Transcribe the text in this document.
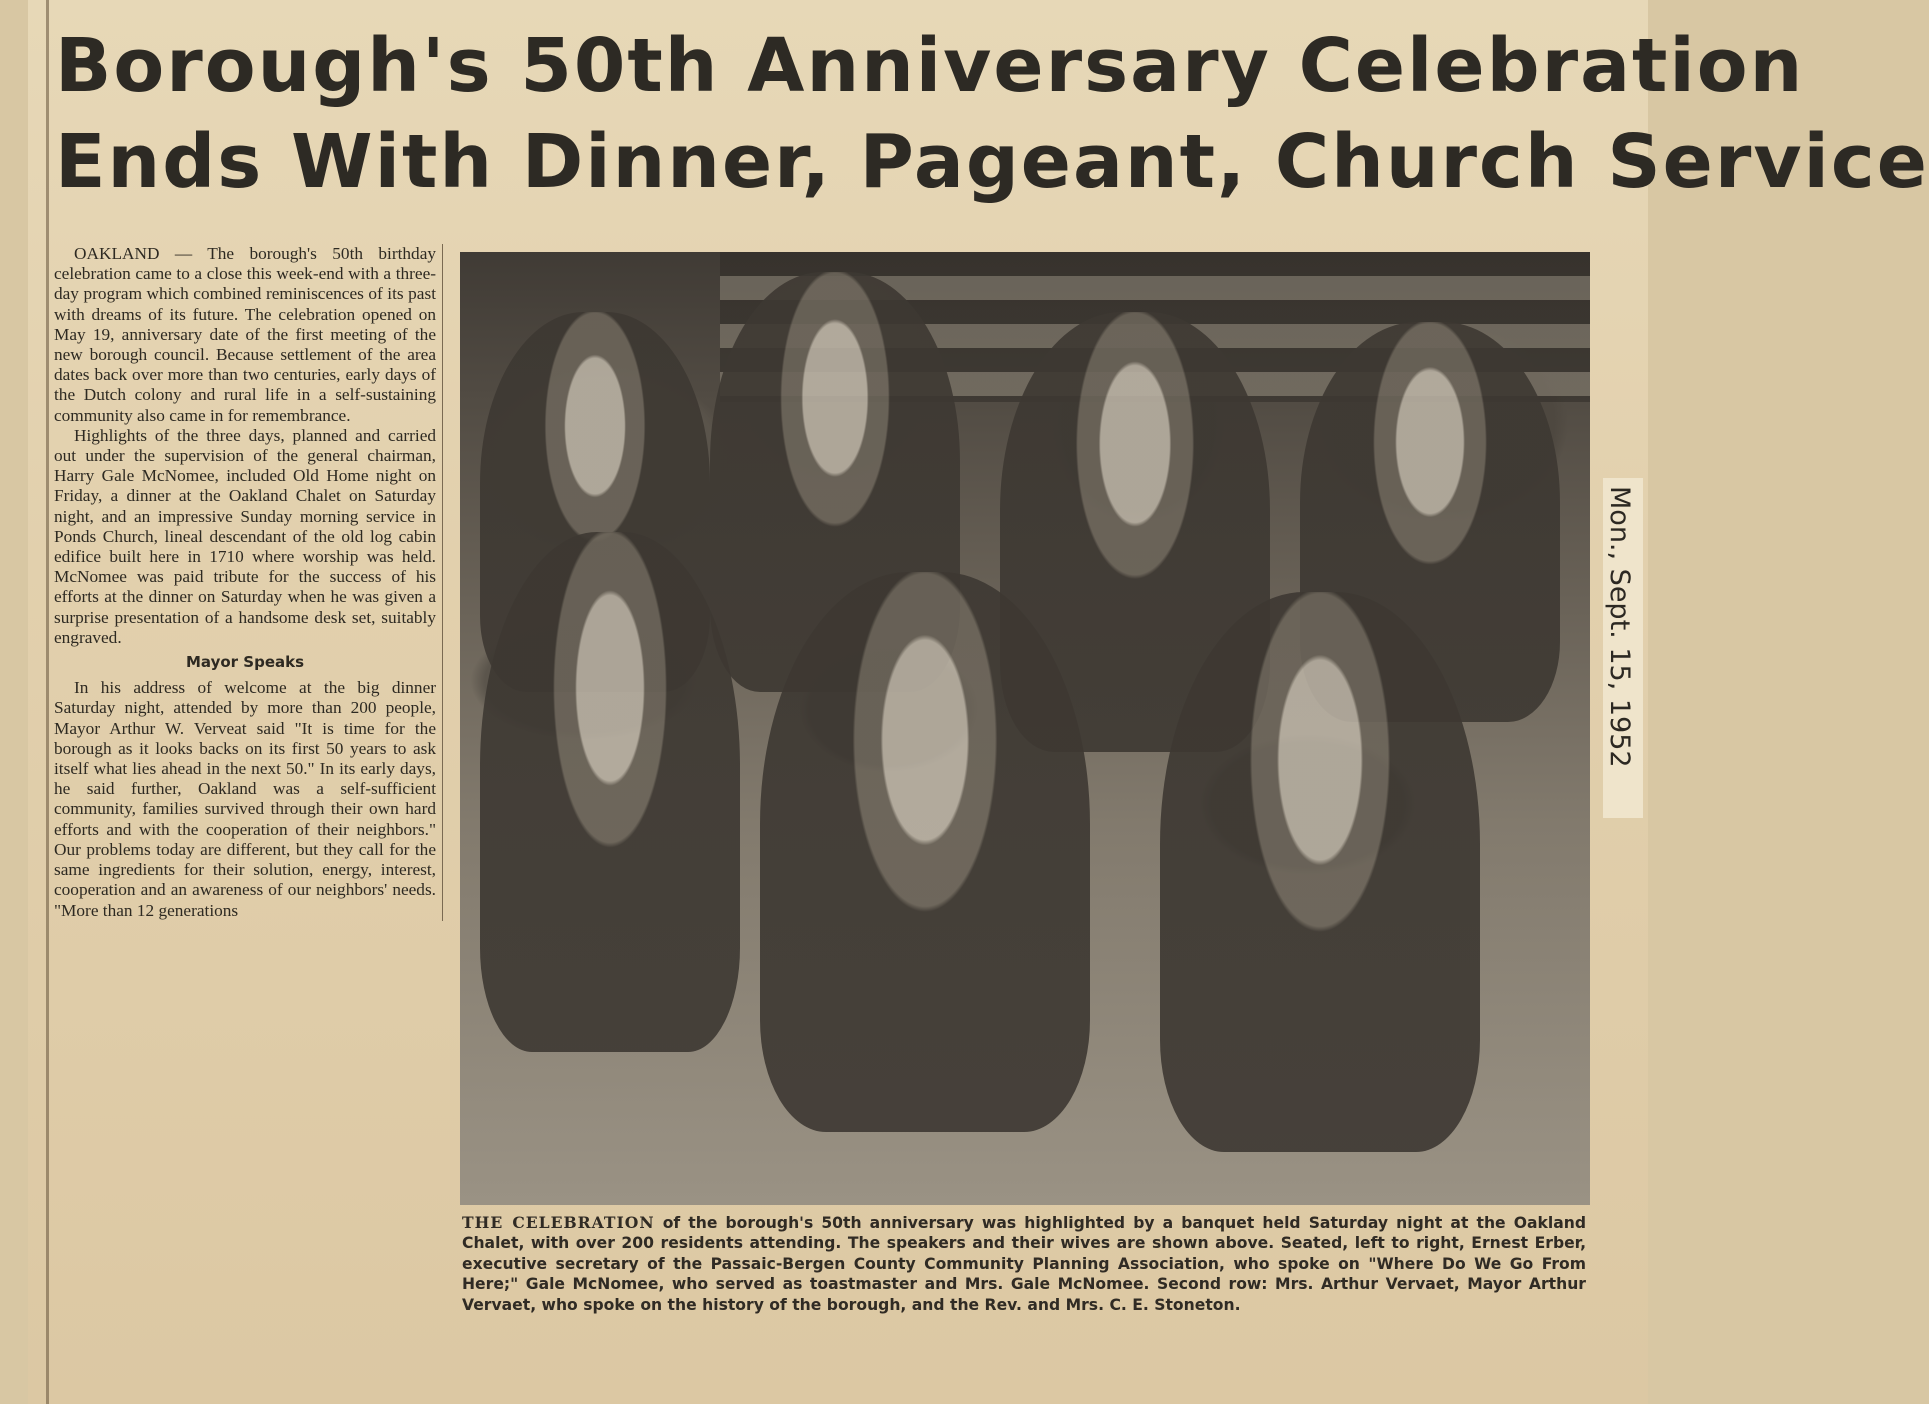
Borough's 50th Anniversary Celebration
Ends With Dinner, Pageant, Church Service

OAKLAND — The borough's 50th birthday celebration came to a close this week-end with a three-day program which combined reminiscences of its past with dreams of its future. The celebration opened on May 19, anniversary date of the first meeting of the new borough council. Because settlement of the area dates back over more than two centuries, early days of the Dutch colony and rural life in a self-sustaining community also came in for remembrance.

Highlights of the three days, planned and carried out under the supervision of the general chairman, Harry Gale McNomee, included Old Home night on Friday, a dinner at the Oakland Chalet on Saturday night, and an impressive Sunday morning service in Ponds Church, lineal descendant of the old log cabin edifice built here in 1710 where worship was held. McNomee was paid tribute for the success of his efforts at the dinner on Saturday when he was given a surprise presentation of a handsome desk set, suitably engraved.

Mayor Speaks

In his address of welcome at the big dinner Saturday night, attended by more than 200 people, Mayor Arthur W. Verveat said "It is time for the borough as it looks backs on its first 50 years to ask itself what lies ahead in the next 50." In its early days, he said further, Oakland was a self-sufficient community, families survived through their own hard efforts and with the cooperation of their neighbors." Our problems today are different, but they call for the same ingredients for their solution, energy, interest, cooperation and an awareness of our neighbors' needs. "More than 12 generations

THE CELEBRATION of the borough's 50th anniversary was highlighted by a banquet held Saturday night at the Oakland Chalet, with over 200 residents attending. The speakers and their wives are shown above. Seated, left to right, Ernest Erber, executive secretary of the Passaic-Bergen County Community Planning Association, who spoke on "Where Do We Go From Here;" Gale McNomee, who served as toastmaster and Mrs. Gale McNomee. Second row: Mrs. Arthur Vervaet, Mayor Arthur Vervaet, who spoke on the history of the borough, and the Rev. and Mrs. C. E. Stoneton.
Mon., Sept. 15, 1952
